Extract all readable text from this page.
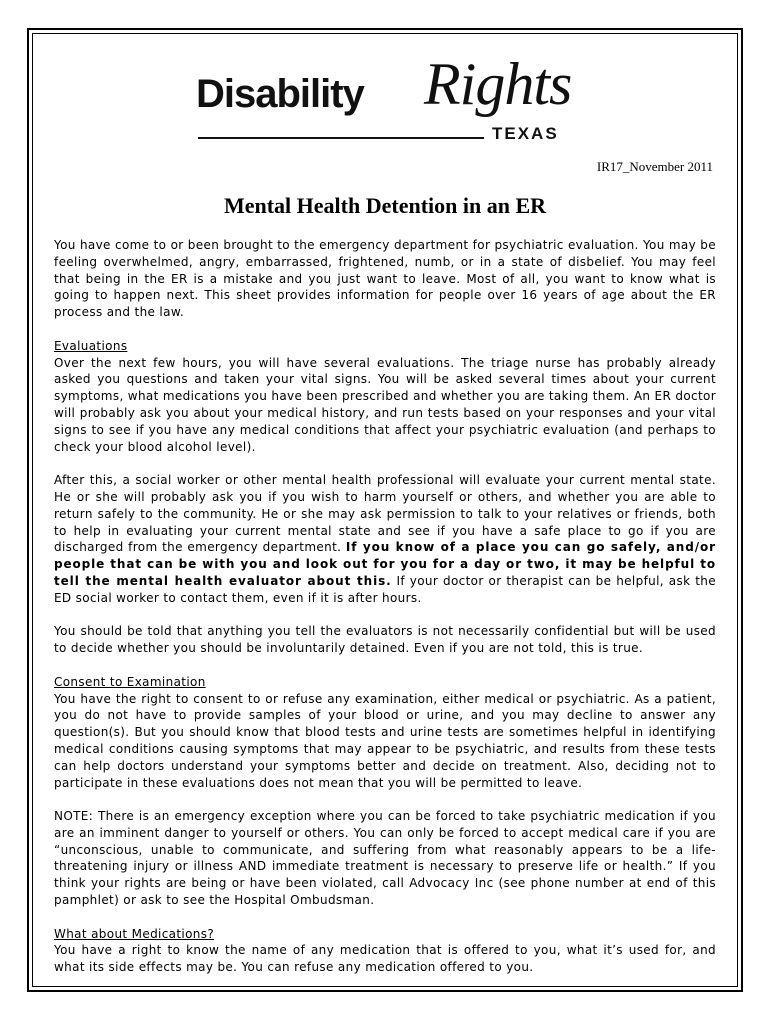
Disability Rights
TEXAS
IR17_November 2011
Mental Health Detention in an ER

You have come to or been brought to the emergency department for psychiatric evaluation. You may be feeling overwhelmed, angry, embarrassed, frightened, numb, or in a state of disbelief. You may feel that being in the ER is a mistake and you just want to leave. Most of all, you want to know what is going to happen next. This sheet provides information for people over 16 years of age about the ER process and the law.

Evaluations
Over the next few hours, you will have several evaluations. The triage nurse has probably already asked you questions and taken your vital signs. You will be asked several times about your current symptoms, what medications you have been prescribed and whether you are taking them. An ER doctor will probably ask you about your medical history, and run tests based on your responses and your vital signs to see if you have any medical conditions that affect your psychiatric evaluation (and perhaps to check your blood alcohol level).

After this, a social worker or other mental health professional will evaluate your current mental state. He or she will probably ask you if you wish to harm yourself or others, and whether you are able to return safely to the community. He or she may ask permission to talk to your relatives or friends, both to help in evaluating your current mental state and see if you have a safe place to go if you are discharged from the emergency department. If you know of a place you can go safely, and/or people that can be with you and look out for you for a day or two, it may be helpful to tell the mental health evaluator about this. If your doctor or therapist can be helpful, ask the ED social worker to contact them, even if it is after hours.

You should be told that anything you tell the evaluators is not necessarily confidential but will be used to decide whether you should be involuntarily detained. Even if you are not told, this is true.

Consent to Examination
You have the right to consent to or refuse any examination, either medical or psychiatric. As a patient, you do not have to provide samples of your blood or urine, and you may decline to answer any question(s). But you should know that blood tests and urine tests are sometimes helpful in identifying medical conditions causing symptoms that may appear to be psychiatric, and results from these tests can help doctors understand your symptoms better and decide on treatment. Also, deciding not to participate in these evaluations does not mean that you will be permitted to leave.

NOTE: There is an emergency exception where you can be forced to take psychiatric medication if you are an imminent danger to yourself or others. You can only be forced to accept medical care if you are “unconscious, unable to communicate, and suffering from what reasonably appears to be a life-threatening injury or illness AND immediate treatment is necessary to preserve life or health.” If you think your rights are being or have been violated, call Advocacy Inc (see phone number at end of this pamphlet) or ask to see the Hospital Ombudsman.

What about Medications?
You have a right to know the name of any medication that is offered to you, what it’s used for, and what its side effects may be. You can refuse any medication offered to you.
